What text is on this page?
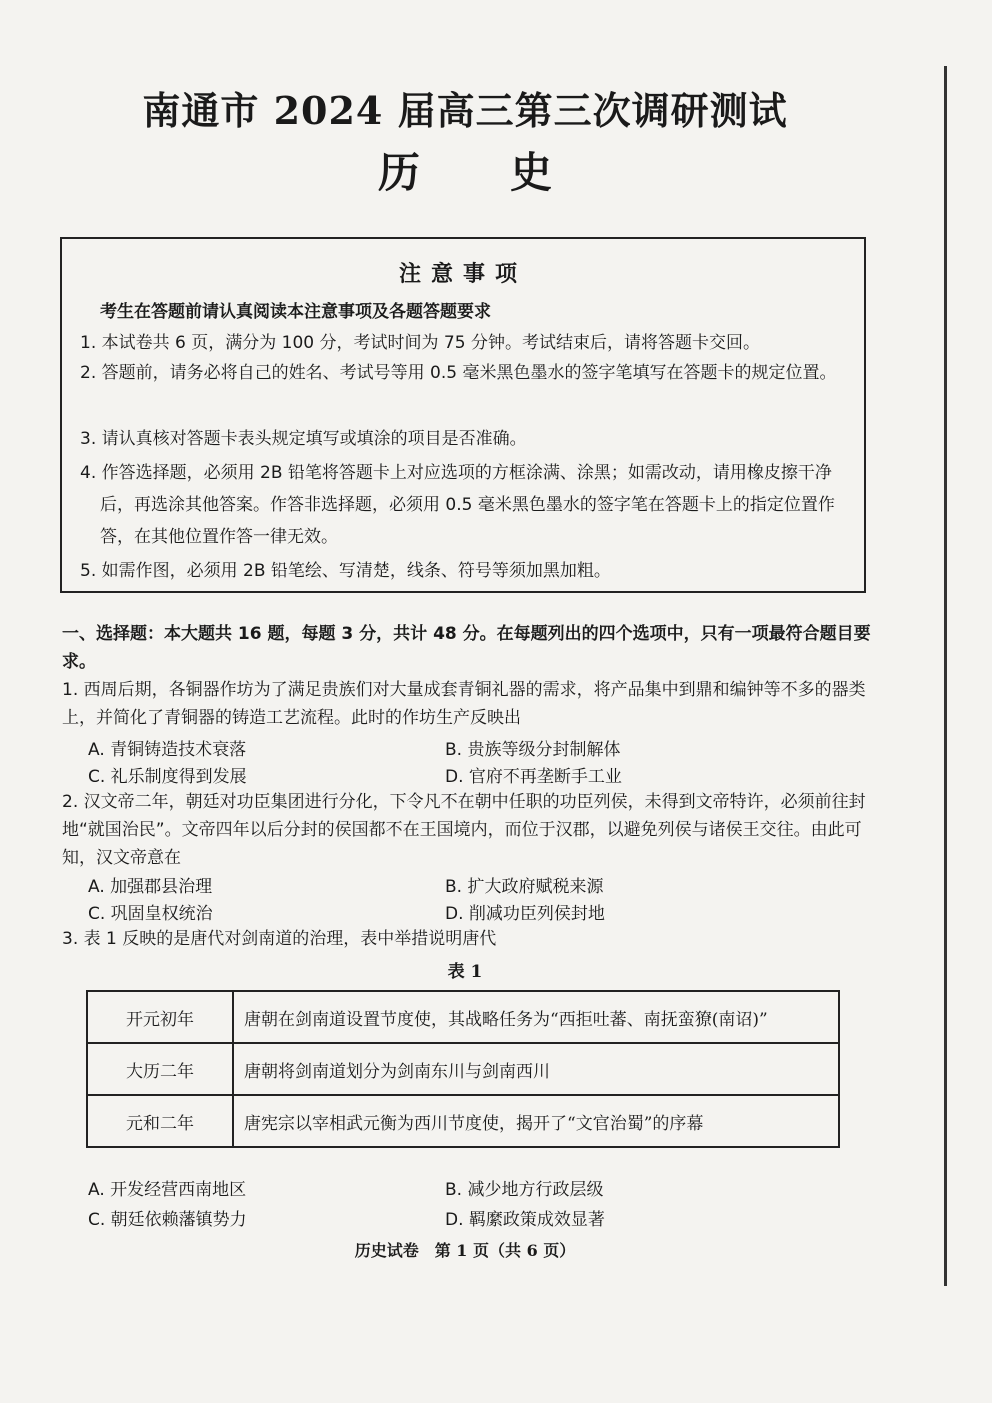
南通市 2024 届高三第三次调研测试
历史
注意事项
考生在答题前请认真阅读本注意事项及各题答题要求
1. 本试卷共 6 页，满分为 100 分，考试时间为 75 分钟。考试结束后，请将答题卡交回。
2. 答题前，请务必将自己的姓名、考试号等用 0.5 毫米黑色墨水的签字笔填写在答题卡的规定位置。
3. 请认真核对答题卡表头规定填写或填涂的项目是否准确。
4. 作答选择题，必须用 2B 铅笔将答题卡上对应选项的方框涂满、涂黑；如需改动，请用橡皮擦干净后，再选涂其他答案。作答非选择题，必须用 0.5 毫米黑色墨水的签字笔在答题卡上的指定位置作答，在其他位置作答一律无效。
5. 如需作图，必须用 2B 铅笔绘、写清楚，线条、符号等须加黑加粗。
一、选择题：本大题共 16 题，每题 3 分，共计 48 分。在每题列出的四个选项中，只有一项最符合题目要求。
1. 西周后期，各铜器作坊为了满足贵族们对大量成套青铜礼器的需求，将产品集中到鼎和编钟等不多的器类上，并简化了青铜器的铸造工艺流程。此时的作坊生产反映出
A. 青铜铸造技术衰落	B. 贵族等级分封制解体
C. 礼乐制度得到发展	D. 官府不再垄断手工业
2. 汉文帝二年，朝廷对功臣集团进行分化，下令凡不在朝中任职的功臣列侯，未得到文帝特许，必须前往封地“就国治民”。文帝四年以后分封的侯国都不在王国境内，而位于汉郡，以避免列侯与诸侯王交往。由此可知，汉文帝意在
A. 加强郡县治理	B. 扩大政府赋税来源
C. 巩固皇权统治	D. 削减功臣列侯封地
3. 表 1 反映的是唐代对剑南道的治理，表中举措说明唐代
表 1
开元初年	唐朝在剑南道设置节度使，其战略任务为“西拒吐蕃、南抚蛮獠(南诏)”
大历二年	唐朝将剑南道划分为剑南东川与剑南西川
元和二年	唐宪宗以宰相武元衡为西川节度使，揭开了“文官治蜀”的序幕
A. 开发经营西南地区	B. 减少地方行政层级
C. 朝廷依赖藩镇势力	D. 羁縻政策成效显著
历史试卷　第 1 页（共 6 页）
